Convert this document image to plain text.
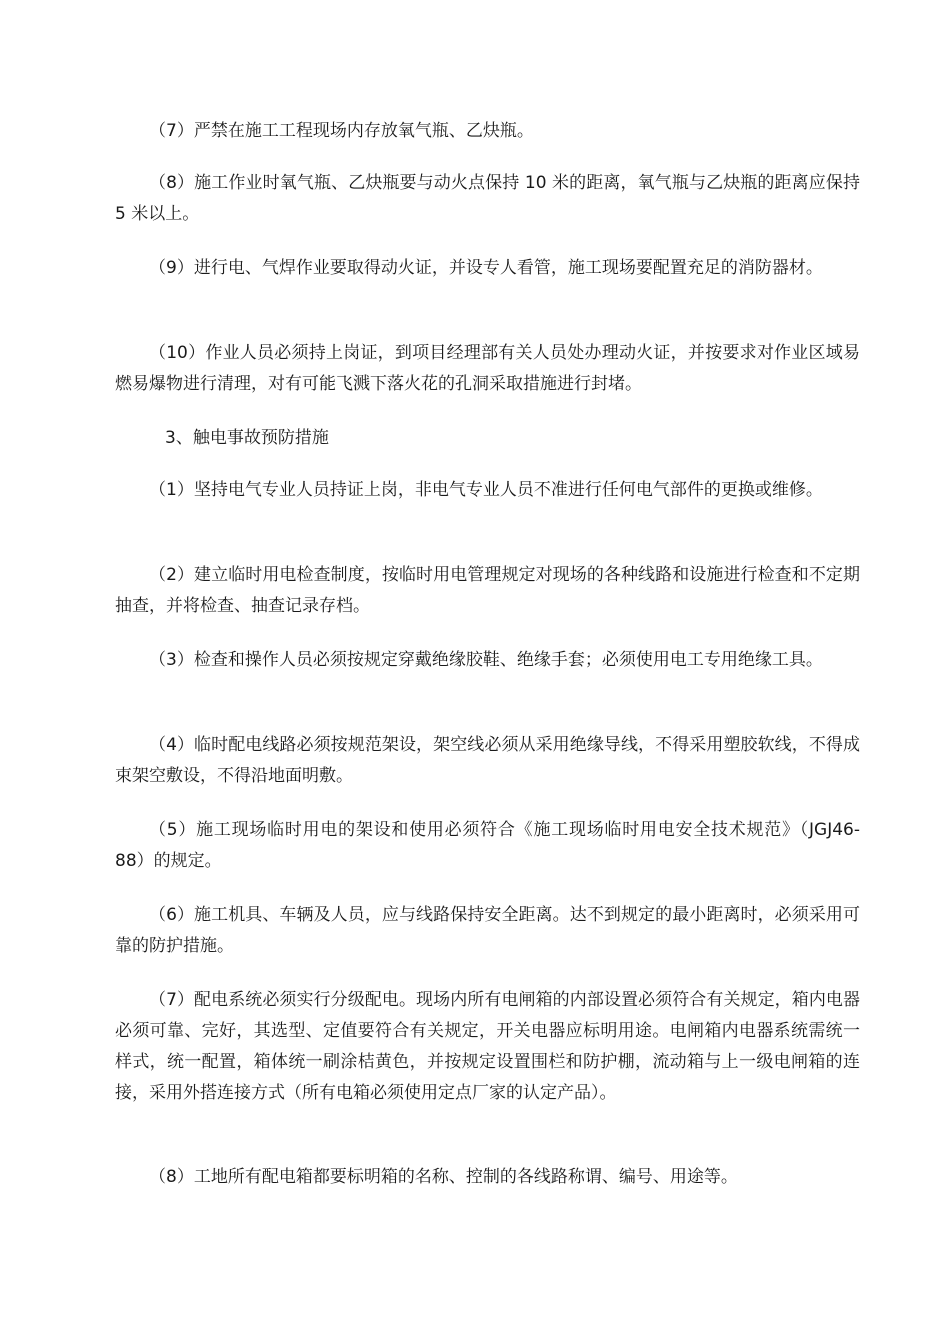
（7）严禁在施工工程现场内存放氧气瓶、乙炔瓶。

（8）施工作业时氧气瓶、乙炔瓶要与动火点保持 10 米的距离，氧气瓶与乙炔瓶的距离应保持 5 米以上。

（9）进行电、气焊作业要取得动火证，并设专人看管，施工现场要配置充足的消防器材。

（10）作业人员必须持上岗证，到项目经理部有关人员处办理动火证，并按要求对作业区域易燃易爆物进行清理，对有可能飞溅下落火花的孔洞采取措施进行封堵。

3、触电事故预防措施

（1）坚持电气专业人员持证上岗，非电气专业人员不准进行任何电气部件的更换或维修。

（2）建立临时用电检查制度，按临时用电管理规定对现场的各种线路和设施进行检查和不定期抽查，并将检查、抽查记录存档。

（3）检查和操作人员必须按规定穿戴绝缘胶鞋、绝缘手套；必须使用电工专用绝缘工具。

（4）临时配电线路必须按规范架设，架空线必须从采用绝缘导线，不得采用塑胶软线，不得成束架空敷设，不得沿地面明敷。

（5）施工现场临时用电的架设和使用必须符合《施工现场临时用电安全技术规范》（JGJ46-88）的规定。

（6）施工机具、车辆及人员，应与线路保持安全距离。达不到规定的最小距离时，必须采用可靠的防护措施。

（7）配电系统必须实行分级配电。现场内所有电闸箱的内部设置必须符合有关规定，箱内电器必须可靠、完好，其选型、定值要符合有关规定，开关电器应标明用途。电闸箱内电器系统需统一样式，统一配置，箱体统一刷涂桔黄色，并按规定设置围栏和防护棚，流动箱与上一级电闸箱的连接，采用外搭连接方式（所有电箱必须使用定点厂家的认定产品）。

（8）工地所有配电箱都要标明箱的名称、控制的各线路称谓、编号、用途等。
